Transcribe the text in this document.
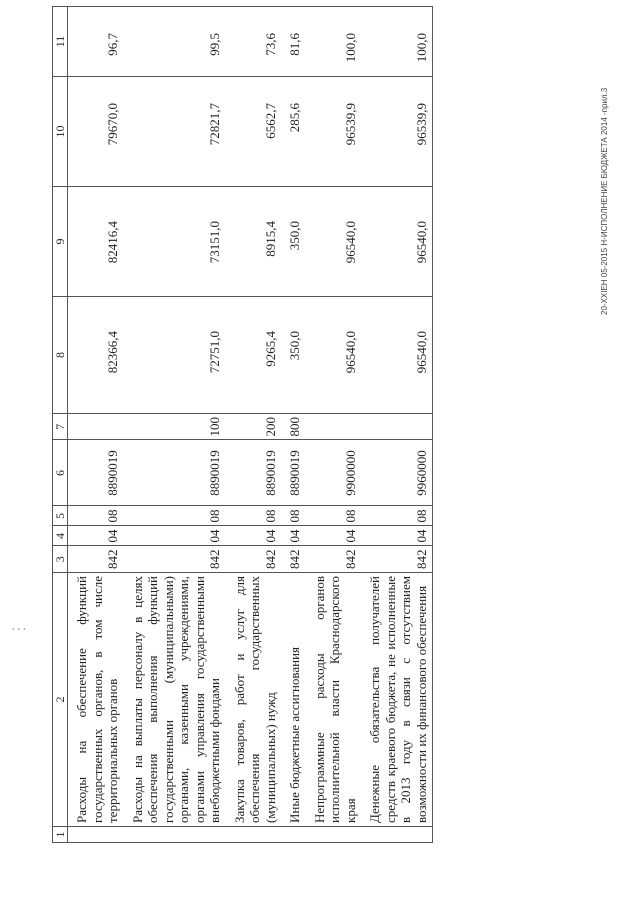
1	2	3	4	5	6	7	8	9	10	11
	Расходы на обеспечение функций государственных органов, в том числе территориальных органов	842	04	08	8890019		82366,4	82416,4	79670,0	96,7
	Расходы на выплаты персоналу в целях обеспечения выполнения функций государственными (муниципальными) органами, казенными учреждениями, органами управления государственными внебюджетными фондами	842	04	08	8890019	100	72751,0	73151,0	72821,7	99,5
	Закупка товаров, работ и услуг для обеспечения государственных (муниципальных) нужд	842	04	08	8890019	200	9265,4	8915,4	6562,7	73,6
	Иные бюджетные ассигнования	842	04	08	8890019	800	350,0	350,0	285,6	81,6
	Непрограммные расходы органов исполнительной власти Краснодарского края	842	04	08	9900000		96540,0	96540,0	96539,9	100,0
	Денежные обязательства получателей средств краевого бюджета, не исполненные в 2013 году в связи с отсутствием возможности их финансового обеспечения	842	04	08	9960000		96540,0	96540,0	96539,9	100,0
20-ХХIЕН 05-2015 Н-ИСПОЛНЕНИЕ БЮДЖЕТА 2014 -прил.3
¸ ¸ ¸
